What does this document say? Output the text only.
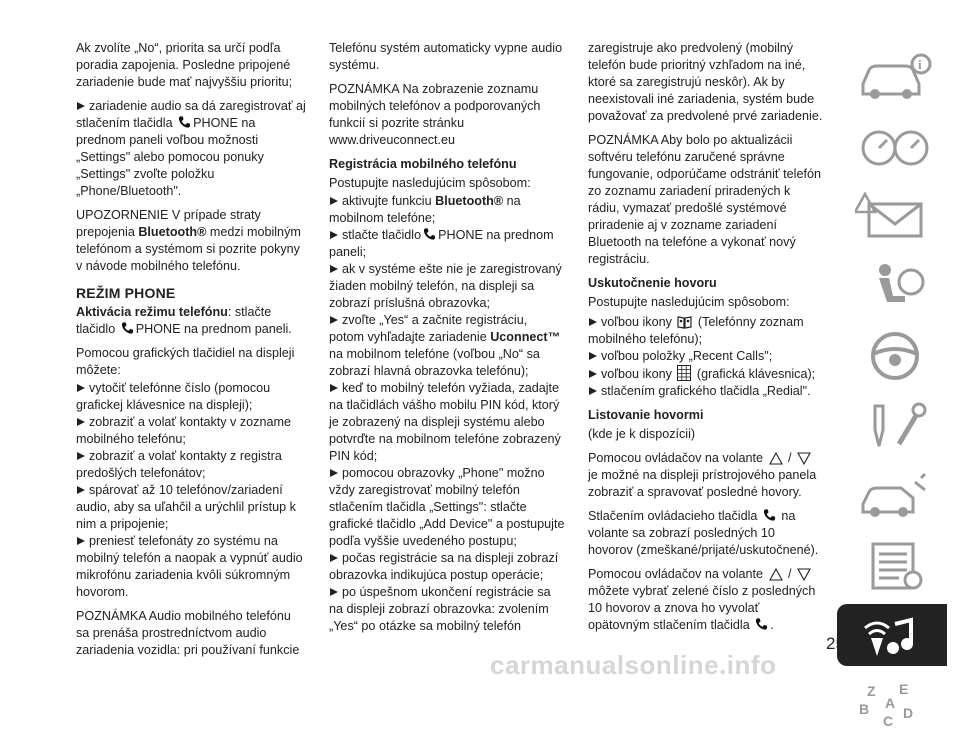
Ak zvolíte „No“, priorita sa určí podľa poradia zapojenia. Posledne pripojené zariadenie bude mať najvyššiu prioritu;

zariadenie audio sa dá zaregistrovať aj stlačením tlačidla PHONE na prednom paneli voľbou možnosti „Settings" alebo pomocou ponuky „Settings" zvoľte položku „Phone/Bluetooth".

UPOZORNENIE V prípade straty prepojenia Bluetooth® medzi mobilným telefónom a systémom si pozrite pokyny v návode mobilného telefónu.

REŽIM PHONE

Aktivácia režimu telefónu: stlačte tlačidlo PHONE na prednom paneli.

Pomocou grafických tlačidiel na displeji môžete:

vytočiť telefónne číslo (pomocou grafickej klávesnice na displeji);
zobraziť a volať kontakty v zozname mobilného telefónu;
zobraziť a volať kontakty z registra predošlých telefonátov;
spárovať až 10 telefónov/zariadení audio, aby sa uľahčil a urýchlil prístup k nim a pripojenie;
preniesť telefonáty zo systému na mobilný telefón a naopak a vypnúť audio mikrofónu zariadenia kvôli súkromným hovorom.

POZNÁMKA Audio mobilného telefónu sa prenáša prostredníctvom audio zariadenia vozidla: pri používaní funkcie

Telefónu systém automaticky vypne audio systému.

POZNÁMKA Na zobrazenie zoznamu mobilných telefónov a podporovaných funkcií si pozrite stránku www.driveuconnect.eu

Registrácia mobilného telefónu

Postupujte nasledujúcim spôsobom:

aktivujte funkciu Bluetooth® na mobilnom telefóne;
stlačte tlačidlo PHONE na prednom paneli;
ak v systéme ešte nie je zaregistrovaný žiaden mobilný telefón, na displeji sa zobrazí príslušná obrazovka;
zvoľte „Yes“ a začnite registráciu, potom vyhľadajte zariadenie Uconnect™ na mobilnom telefóne (voľbou „No“ sa zobrazí hlavná obrazovka telefónu);
keď to mobilný telefón vyžiada, zadajte na tlačidlách vášho mobilu PIN kód, ktorý je zobrazený na displeji systému alebo potvrďte na mobilnom telefóne zobrazený PIN kód;
pomocou obrazovky „Phone" možno vždy zaregistrovať mobilný telefón stlačením tlačidla „Settings": stlačte grafické tlačidlo „Add Device" a postupujte podľa vyššie uvedeného postupu;
počas registrácie sa na displeji zobrazí obrazovka indikujúca postup operácie;
po úspešnom ukončení registrácie sa na displeji zobrazí obrazovka: zvolením „Yes“ po otázke sa mobilný telefón

zaregistruje ako predvolený (mobilný telefón bude prioritný vzhľadom na iné, ktoré sa zaregistrujú neskôr). Ak by neexistovali iné zariadenia, systém bude považovať za predvolené prvé zariadenie.

POZNÁMKA Aby bolo po aktualizácii softvéru telefónu zaručené správne fungovanie, odporúčame odstrániť telefón zo zoznamu zariadení priradených k rádiu, vymazať predošlé systémové priradenie aj v zozname zariadení Bluetooth na telefóne a vykonať nový registráciu.

Uskutočnenie hovoru

Postupujte nasledujúcim spôsobom:

voľbou ikony (Telefónny zoznam mobilného telefónu);
voľbou položky „Recent Calls";
voľbou ikony (grafická klávesnica);
stlačením grafického tlačidla „Redial".

Listovanie hovormi

(kde je k dispozícii)

Pomocou ovládačov na volante /  je možné na displeji prístrojového panela zobraziť a spravovať posledné hovory.

Stlačením ovládacieho tlačidla na volante sa zobrazí posledných 10 hovorov (zmeškané/prijaté/uskutočnené).

Pomocou ovládačov na volante /  môžete vybrať zelené číslo z posledných 10 hovorov a znova ho vyvolať opätovným stlačením tlačidla .

i
Z E
B
C D
A
253
carmanualsonline.info
